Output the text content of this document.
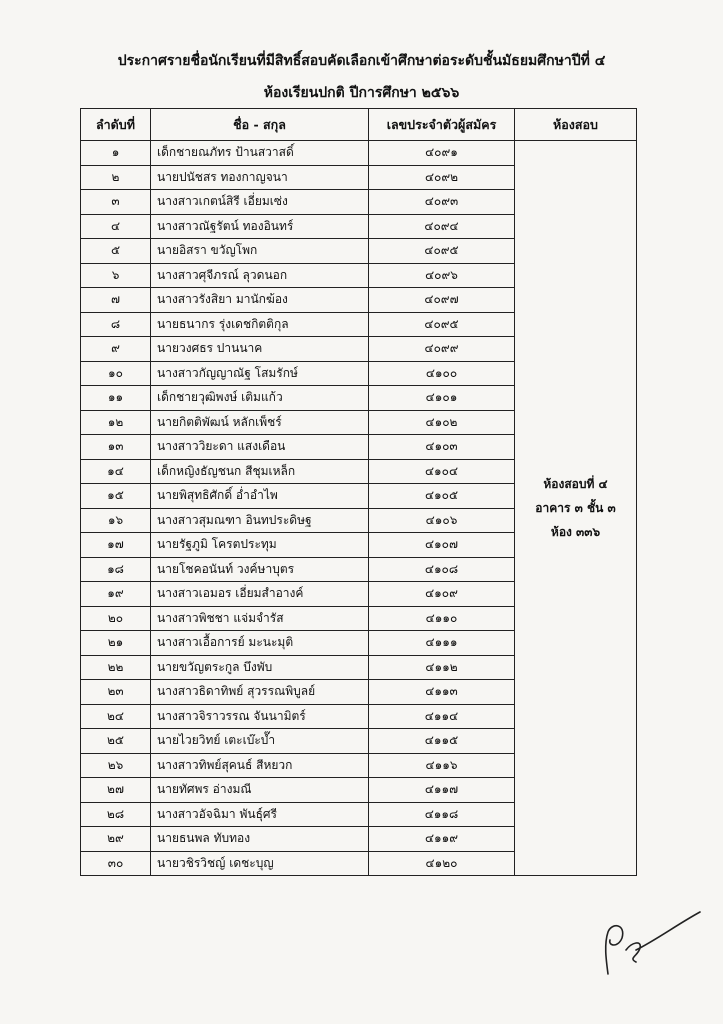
ประกาศรายชื่อนักเรียนที่มีสิทธิ์สอบคัดเลือกเข้าศึกษาต่อระดับชั้นมัธยมศึกษาปีที่ ๔
ห้องเรียนปกติ ปีการศึกษา ๒๕๖๖
ลำดับที่	ชื่อ - สกุล	เลขประจำตัวผู้สมัคร	ห้องสอบ
๑	เด็กชายณภัทร ป้านสวาสดิ์	๔๐๙๑	ห้องสอบที่ ๔
อาคาร ๓ ชั้น ๓
ห้อง ๓๓๖

๒	นายปนัชสร ทองกาญจนา	๔๐๙๒	
๓	นางสาวเกตน์สิรี เอี่ยมเซ่ง	๔๐๙๓	
๔	นางสาวณัฐรัตน์ ทองอินทร์	๔๐๙๔	
๕	นายอิสรา ขวัญโพก	๔๐๙๕	
๖	นางสาวศุจีภรณ์ ลุวดนอก	๔๐๙๖	
๗	นางสาวรังสิยา มานักฆ้อง	๔๐๙๗	
๘	นายธนากร รุ่งเดชกิตติกุล	๔๐๙๕	
๙	นายวงศธร ปานนาค	๔๐๙๙	
๑๐	นางสาวกัญญาณัฐ โสมรักษ์	๔๑๐๐	
๑๑	เด็กชายวุฒิพงษ์ เติมแก้ว	๔๑๐๑	
๑๒	นายกิตติพัฒน์ หลักเพ็ชร์	๔๑๐๒	
๑๓	นางสาววิยะดา แสงเดือน	๔๑๐๓	
๑๔	เด็กหญิงธัญชนก สีชุมเหล็ก	๔๑๐๔	
๑๕	นายพิสุทธิศักดิ์ อ่ำอำไพ	๔๑๐๕	
๑๖	นางสาวสุมณฑา อินทประดิษฐ	๔๑๐๖	
๑๗	นายรัฐภูมิ โครตประทุม	๔๑๐๗	
๑๘	นายโชคอนันท์ วงค์ษาบุตร	๔๑๐๘	
๑๙	นางสาวเอมอร เอี่ยมสำอางค์	๔๑๐๙	
๒๐	นางสาวพิชชา แจ่มจำรัส	๔๑๑๐	
๒๑	นางสาวเอื้อการย์ มะนะมุติ	๔๑๑๑	
๒๒	นายขวัญตระกูล บึงพับ	๔๑๑๒	
๒๓	นางสาวธิดาทิพย์ สุวรรณพิบูลย์	๔๑๑๓	
๒๔	นางสาวจิราวรรณ จันนามิตร์	๔๑๑๔	
๒๕	นายไวยวิทย์ เตะเบ๊ะบ๊ำ	๔๑๑๕	
๒๖	นางสาวทิพย์สุคนธ์ สีหยวก	๔๑๑๖	
๒๗	นายทัศพร อ่างมณี	๔๑๑๗	
๒๘	นางสาวอัจฉิมา พันธุ์ศรี	๔๑๑๘	
๒๙	นายธนพล ทับทอง	๔๑๑๙	
๓๐	นายวชิรวิชญ์ เดชะบุญ	๔๑๒๐	
